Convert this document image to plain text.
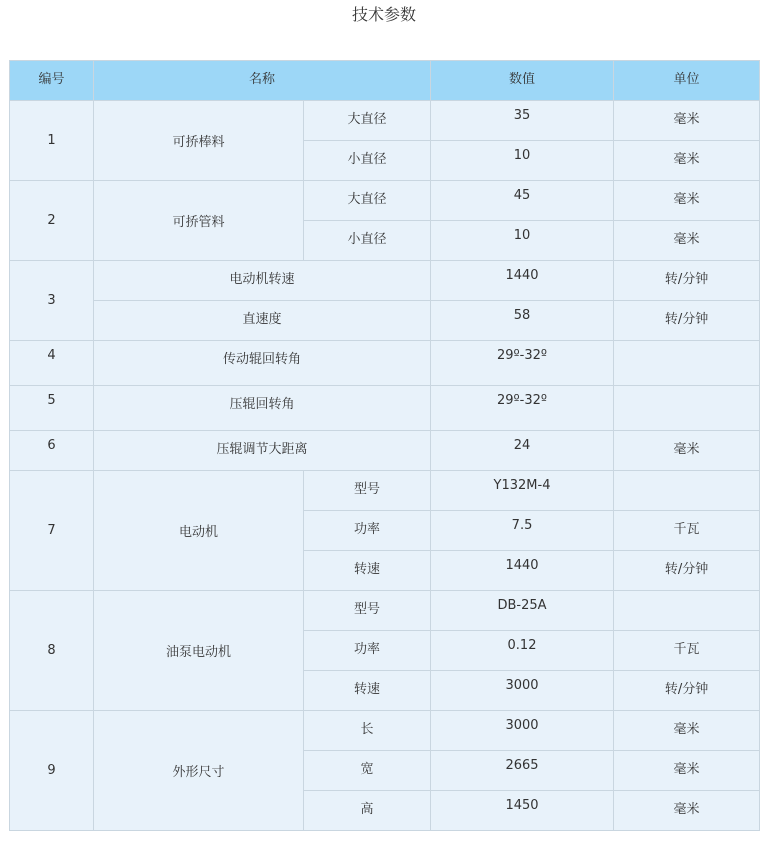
技术参数
编号	名称		数值	单位
1	可挢棒料	大直径	35	毫米
		小直径	10	毫米
2	可挢管料	大直径	45	毫米
		小直径	10	毫米
3	电动机转速		1440	转/分钟
	直速度		58	转/分钟
4	传动辊回转角		29º-32º	
5	压辊回转角		29º-32º	
6	压辊调节大距离		24	毫米
7	电动机	型号	Y132M-4	
		功率	7.5	千瓦
		转速	1440	转/分钟
8	油泵电动机	型号	DB-25A	
		功率	0.12	千瓦
		转速	3000	转/分钟
9	外形尺寸	长	3000	毫米
		宽	2665	毫米
		高	1450	毫米
